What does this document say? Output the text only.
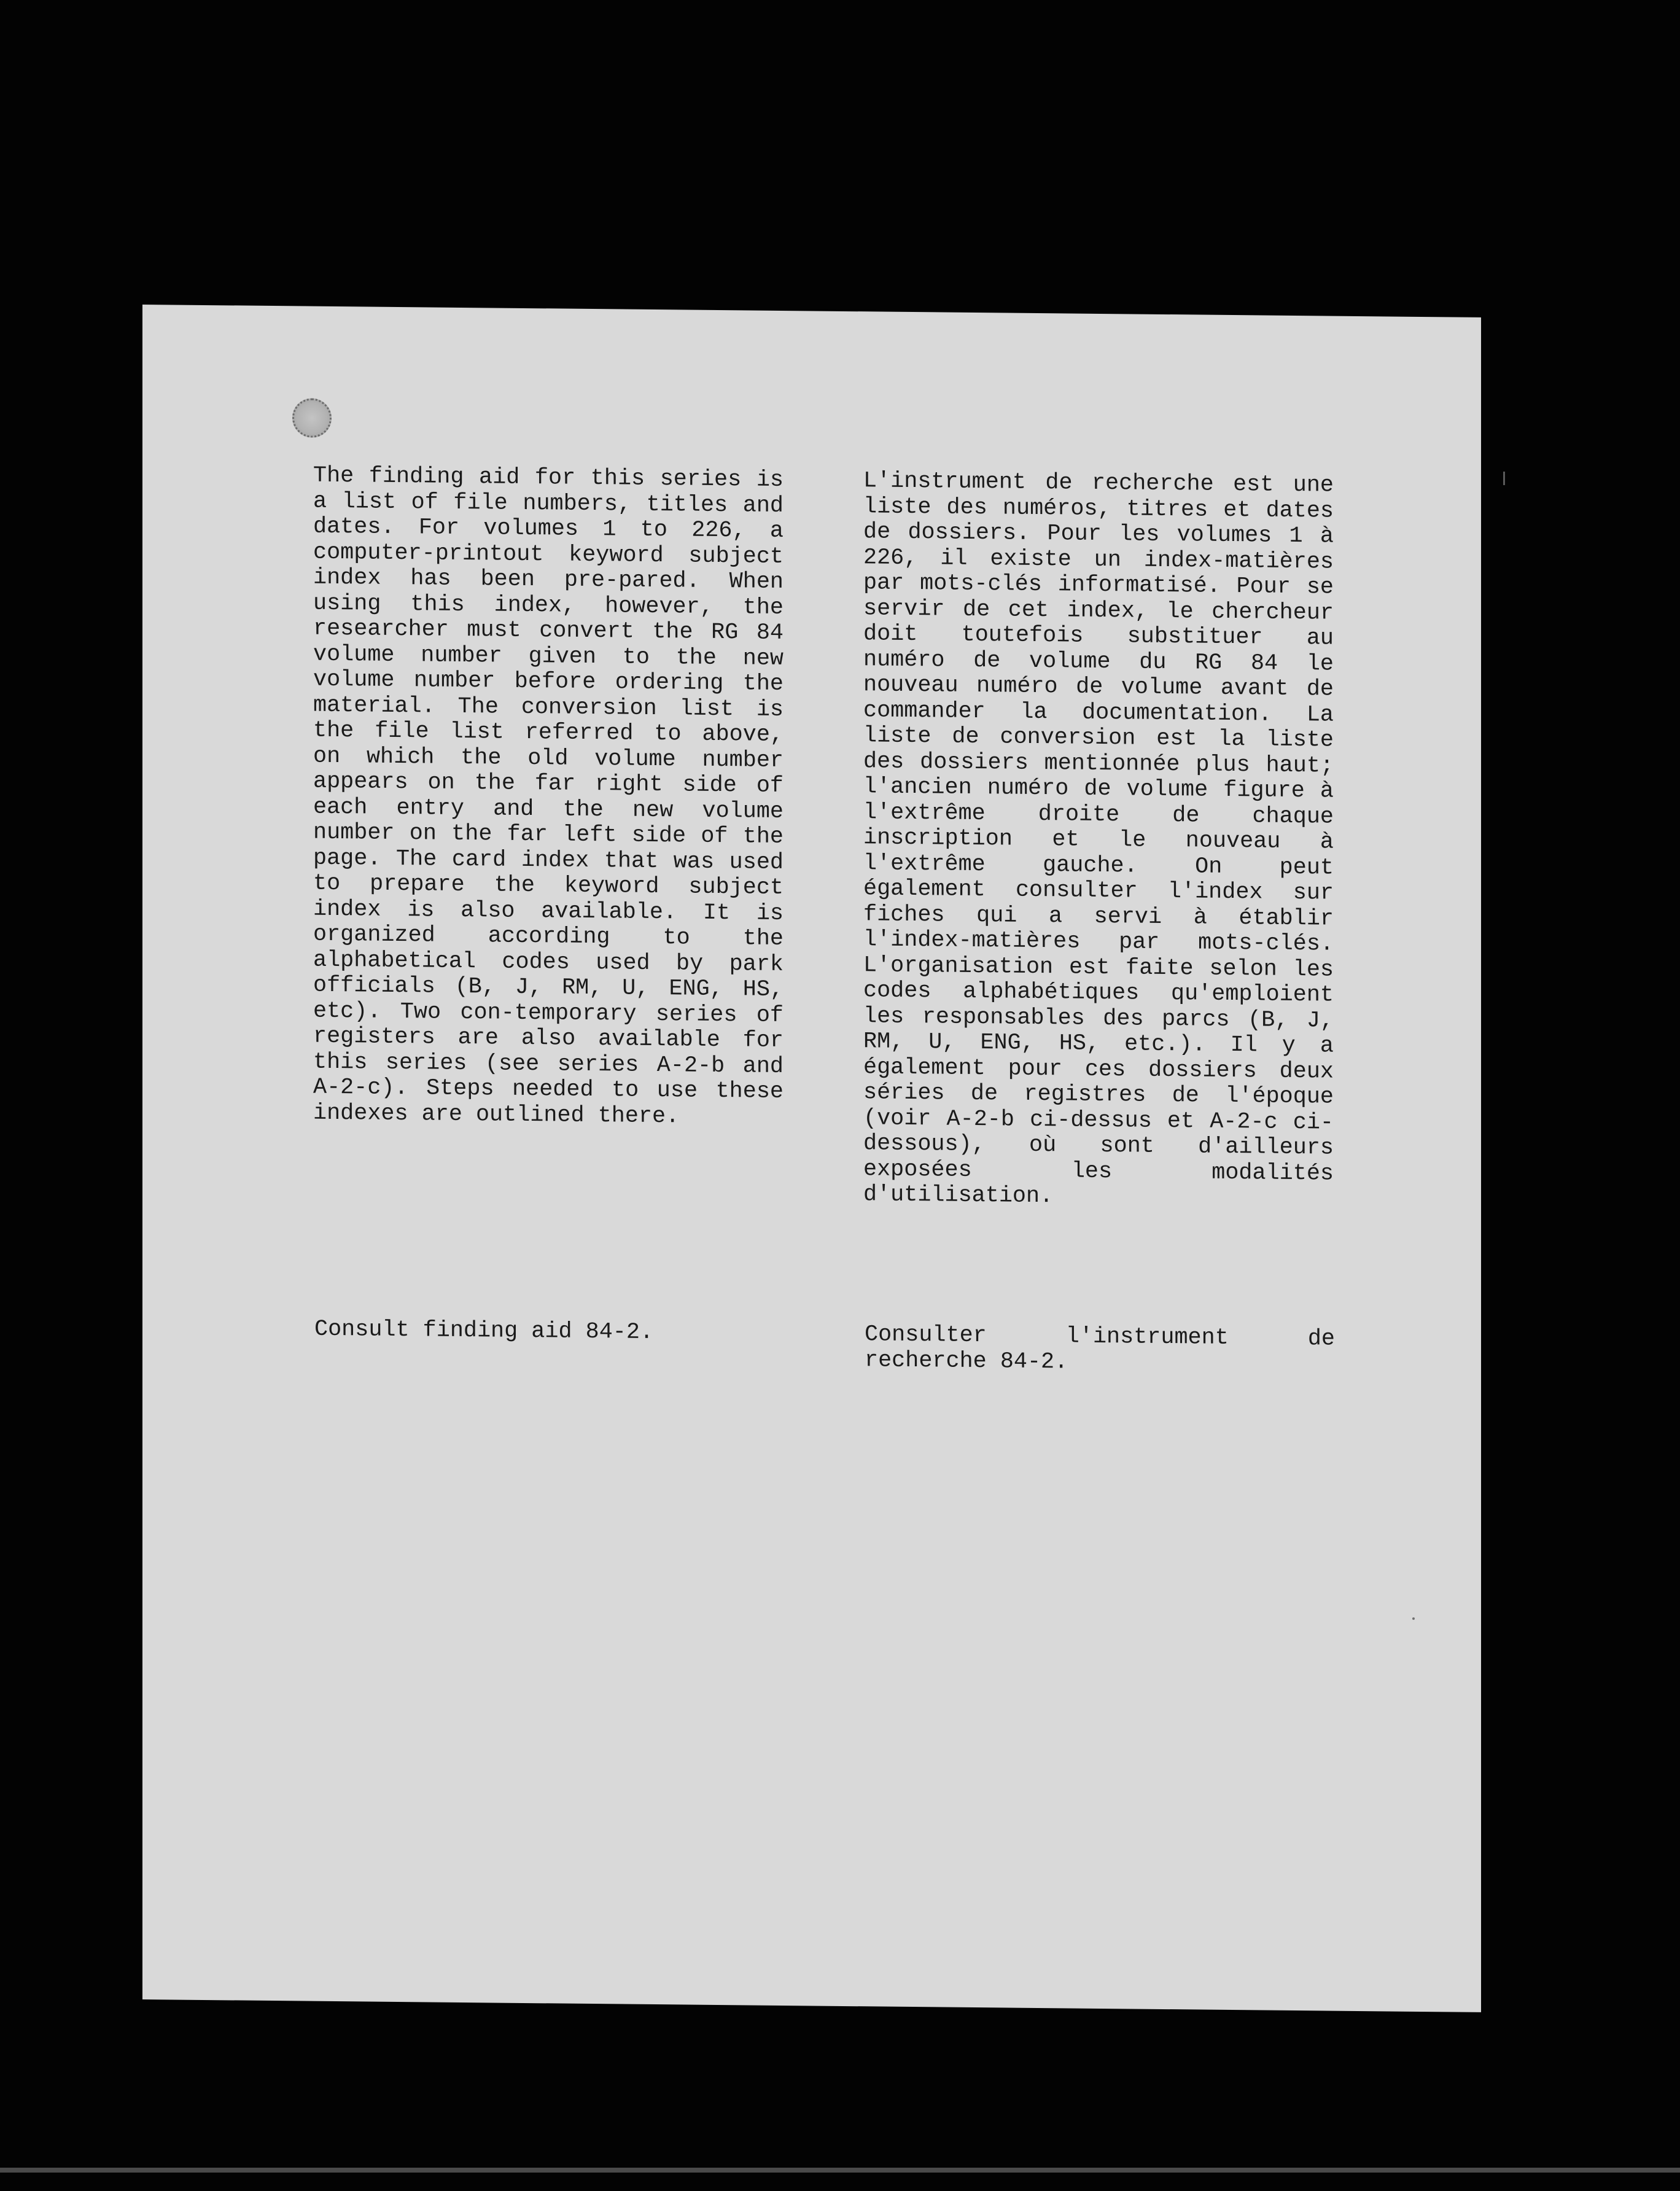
The finding aid for this series is a list of file numbers, titles and dates. For volumes 1 to 226, a computer-printout keyword subject index has been pre-pared. When using this index, however, the researcher must convert the RG 84 volume number given to the new volume number before ordering the material. The conversion list is the file list referred to above, on which the old volume number appears on the far right side of each entry and the new volume number on the far left side of the page. The card index that was used to prepare the keyword subject index is also available. It is organized according to the alphabetical codes used by park officials (B, J, RM, U, ENG, HS, etc). Two con-temporary series of registers are also available for this series (see series A-2-b and A-2-c). Steps needed to use these indexes are outlined there.
L'instrument de recherche est une liste des numéros, titres et dates de dossiers. Pour les volumes 1 à 226, il existe un index-matières par mots-clés informatisé. Pour se servir de cet index, le chercheur doit toutefois substituer au numéro de volume du RG 84 le nouveau numéro de volume avant de commander la documentation. La liste de conversion est la liste des dossiers mentionnée plus haut; l'ancien numéro de volume figure à l'extrême droite de chaque inscription et le nouveau à l'extrême gauche. On peut également consulter l'index sur fiches qui a servi à établir l'index-matières par mots-clés. L'organisation est faite selon les codes alphabétiques qu'emploient les responsables des parcs (B, J, RM, U, ENG, HS, etc.). Il y a également pour ces dossiers deux séries de registres de l'époque (voir A-2-b ci-dessus et A-2-c ci-dessous), où sont d'ailleurs exposées les modalités d'utilisation.
Consult finding aid 84-2.	Consulter l'instrument de recherche 84-2.
